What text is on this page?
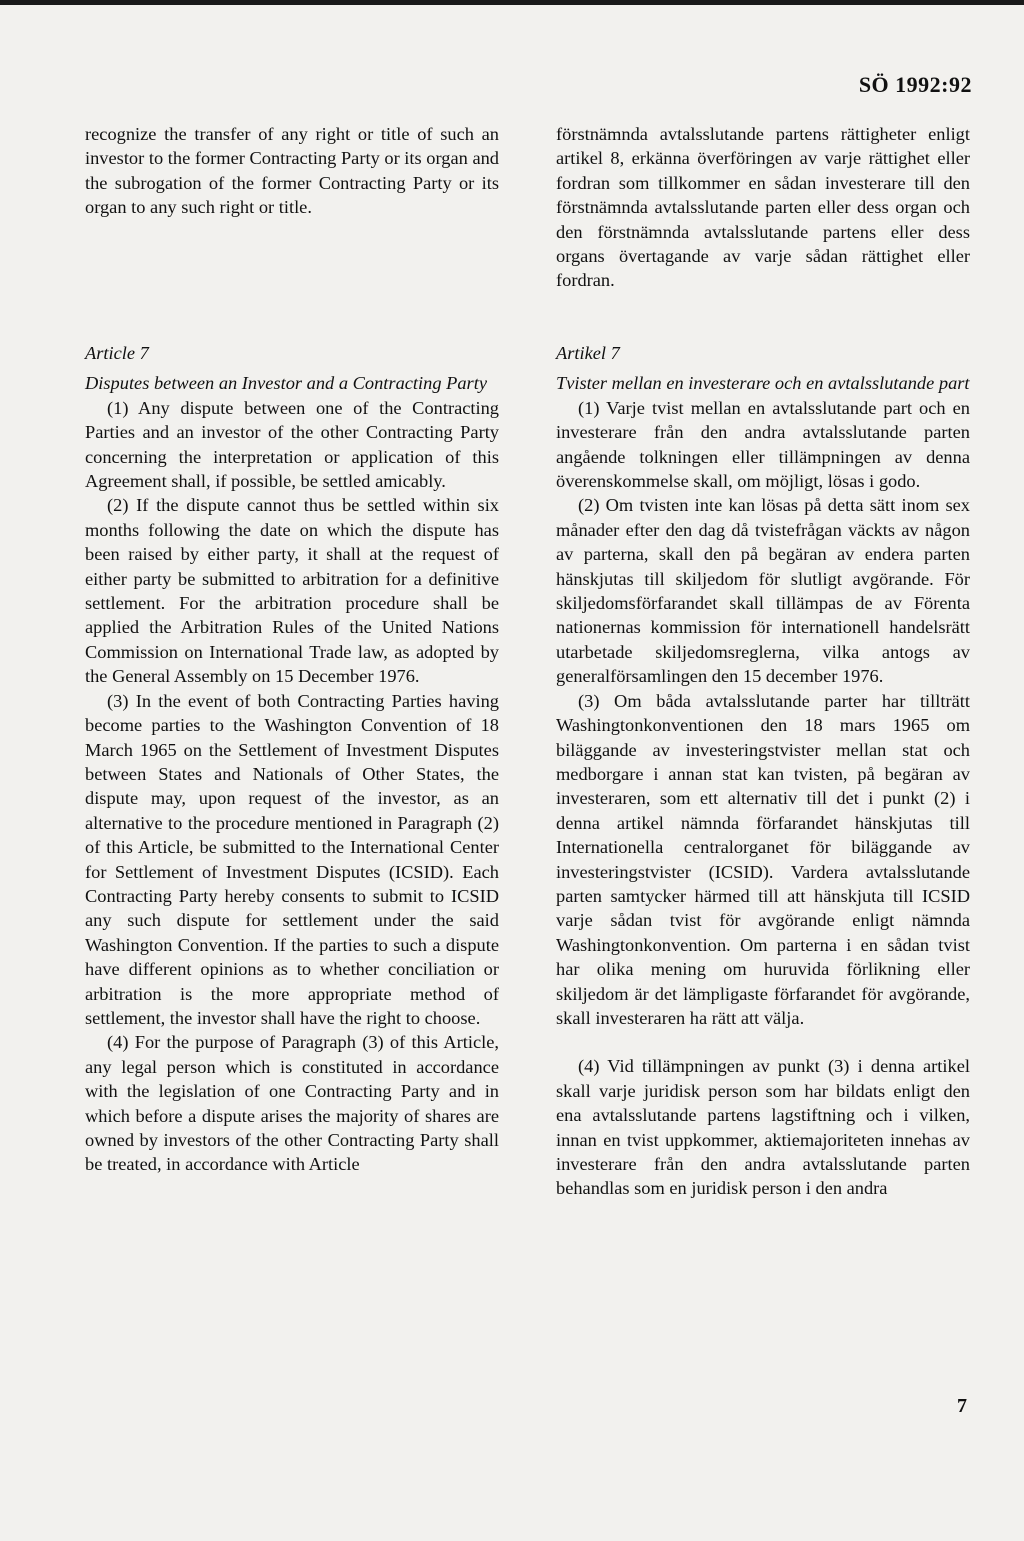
SÖ 1992:92

recognize the transfer of any right or title of such an investor to the former Contracting Party or its organ and the subrogation of the former Contracting Party or its organ to any such right or title.

Article 7

Disputes between an Investor and a Contracting Party

(1) Any dispute between one of the Contracting Parties and an investor of the other Contracting Party concerning the interpretation or application of this Agreement shall, if possible, be settled amicably.

(2) If the dispute cannot thus be settled within six months following the date on which the dispute has been raised by either party, it shall at the request of either party be submitted to arbitration for a definitive settlement. For the arbitration procedure shall be applied the Arbitration Rules of the United Nations Commission on International Trade law, as adopted by the General Assembly on 15 December 1976.

(3) In the event of both Contracting Parties having become parties to the Washington Convention of 18 March 1965 on the Settlement of Investment Disputes between States and Nationals of Other States, the dispute may, upon request of the investor, as an alternative to the procedure mentioned in Paragraph (2) of this Article, be submitted to the International Center for Settlement of Investment Disputes (ICSID). Each Contracting Party hereby consents to submit to ICSID any such dispute for settlement under the said Washington Convention. If the parties to such a dispute have different opinions as to whether conciliation or arbitration is the more appropriate method of settlement, the investor shall have the right to choose.

(4) For the purpose of Paragraph (3) of this Article, any legal person which is constituted in accordance with the legislation of one Contracting Party and in which before a dispute arises the majority of shares are owned by investors of the other Contracting Party shall be treated, in accordance with Article

förstnämnda avtalsslutande partens rättigheter enligt artikel 8, erkänna överföringen av varje rättighet eller fordran som tillkommer en sådan investerare till den förstnämnda avtalsslutande parten eller dess organ och den förstnämnda avtalsslutande partens eller dess organs övertagande av varje sådan rättighet eller fordran.

Artikel 7

Tvister mellan en investerare och en avtalsslutande part

(1) Varje tvist mellan en avtalsslutande part och en investerare från den andra avtalsslutande parten angående tolkningen eller tillämpningen av denna överenskommelse skall, om möjligt, lösas i godo.

(2) Om tvisten inte kan lösas på detta sätt inom sex månader efter den dag då tvistefrågan väckts av någon av parterna, skall den på begäran av endera parten hänskjutas till skiljedom för slutligt avgörande. För skiljedomsförfarandet skall tillämpas de av Förenta nationernas kommission för internationell handelsrätt utarbetade skiljedomsreglerna, vilka antogs av generalförsamlingen den 15 december 1976.

(3) Om båda avtalsslutande parter har tillträtt Washingtonkonventionen den 18 mars 1965 om biläggande av investeringstvister mellan stat och medborgare i annan stat kan tvisten, på begäran av investeraren, som ett alternativ till det i punkt (2) i denna artikel nämnda förfarandet hänskjutas till Internationella centralorganet för biläggande av investeringstvister (ICSID). Vardera avtalsslutande parten samtycker härmed till att hänskjuta till ICSID varje sådan tvist för avgörande enligt nämnda Washingtonkonvention. Om parterna i en sådan tvist har olika mening om huruvida förlikning eller skiljedom är det lämpligaste förfarandet för avgörande, skall investeraren ha rätt att välja.

(4) Vid tillämpningen av punkt (3) i denna artikel skall varje juridisk person som har bildats enligt den ena avtalsslutande partens lagstiftning och i vilken, innan en tvist uppkommer, aktiemajoriteten innehas av investerare från den andra avtalsslutande parten behandlas som en juridisk person i den andra

7
